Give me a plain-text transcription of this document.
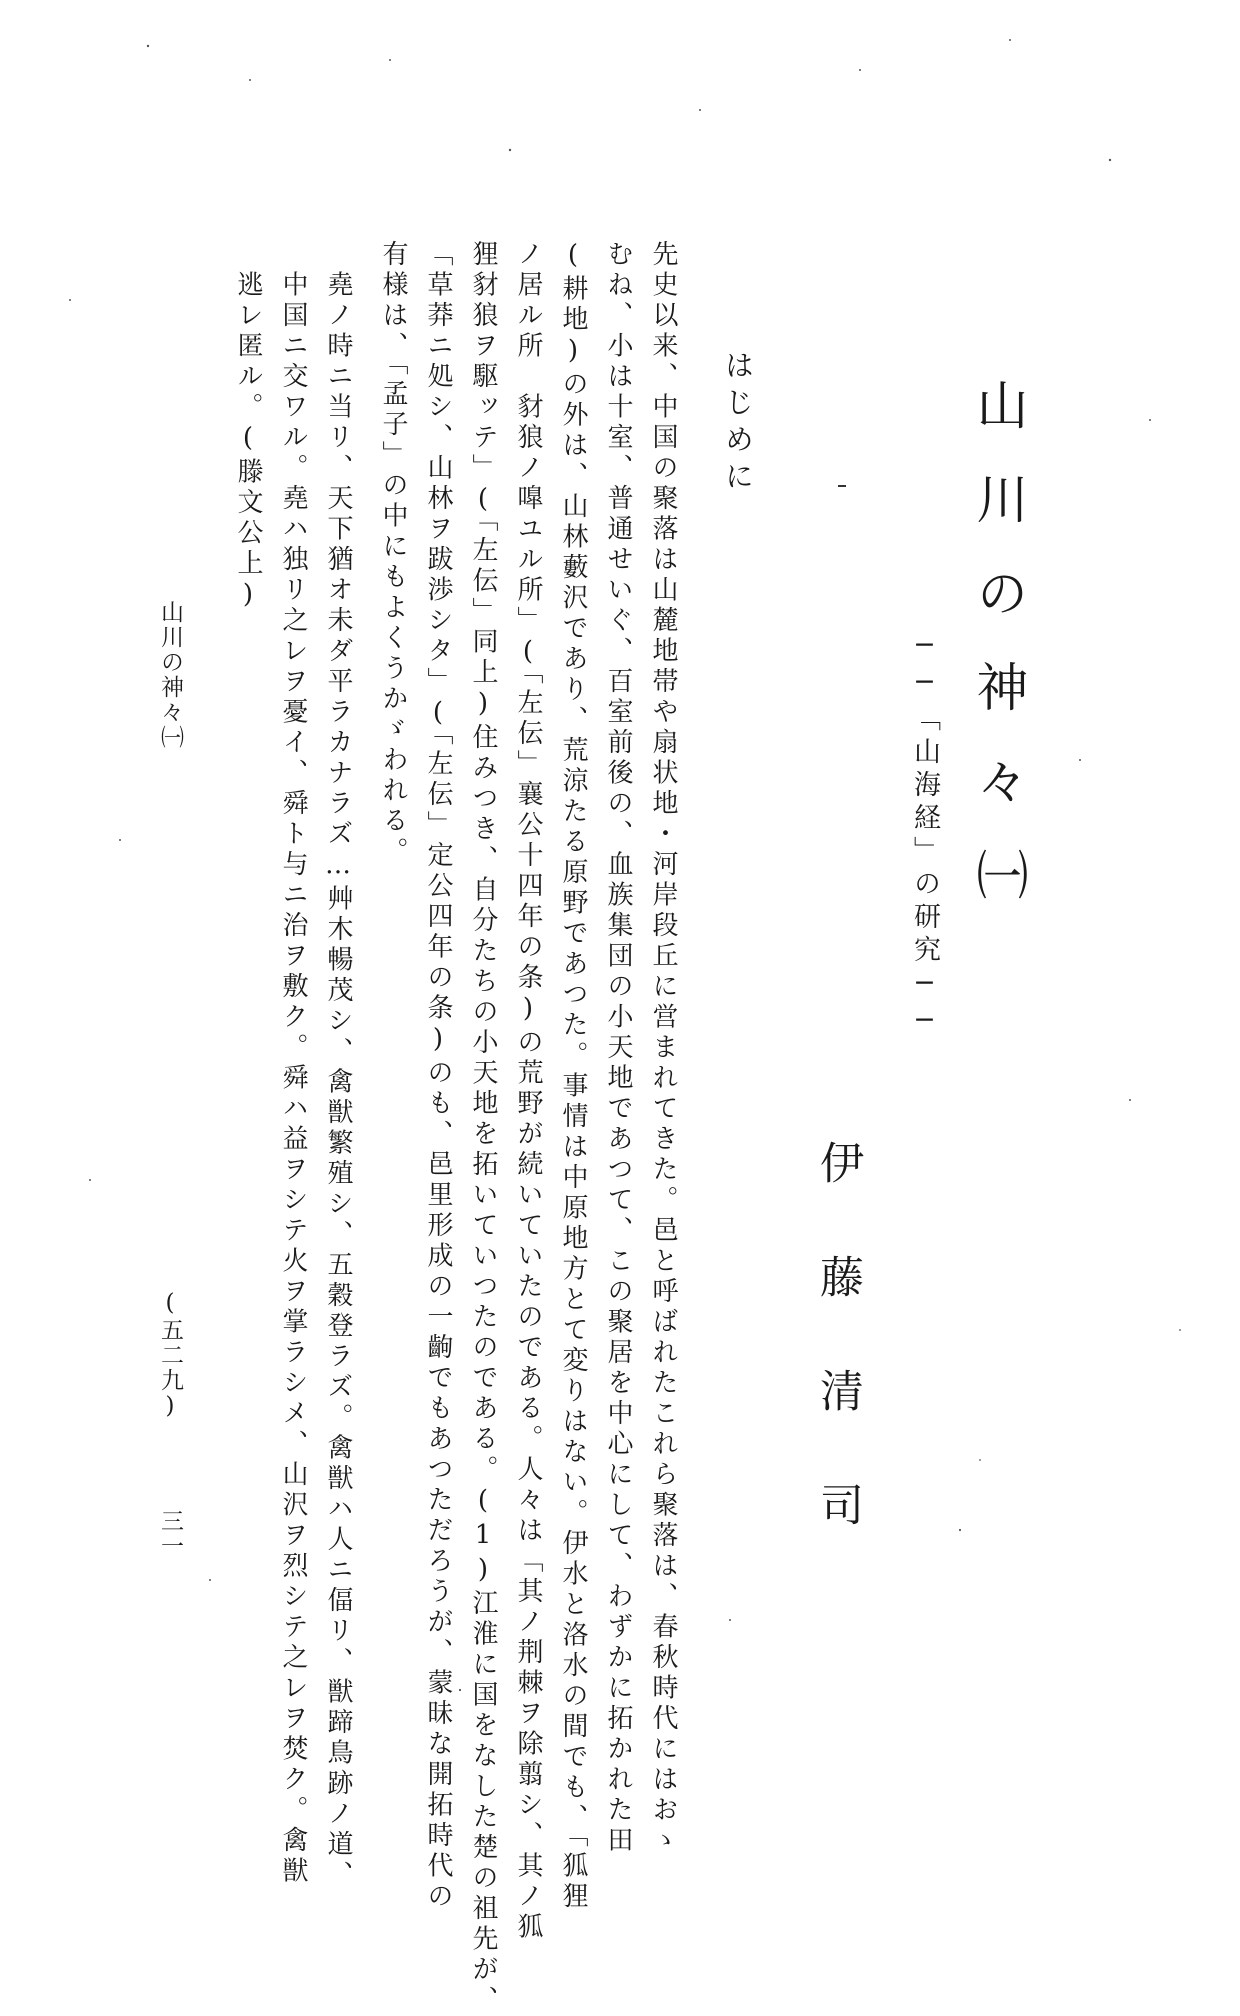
山川の神々㈠
──「山海経」の研究──
伊藤清司
はじめに

先史以来、中国の聚落は山麓地帯や扇状地・河岸段丘に営まれてきた。邑と呼ばれたこれら聚落は、春秋時代にはおゝ

むね、小は十室、普通せいぐ、百室前後の、血族集団の小天地であつて、この聚居を中心にして、わずかに拓かれた田

(耕地)の外は、山林藪沢であり、荒涼たる原野であつた。事情は中原地方とて変りはない。伊水と洛水の間でも、「狐狸

ノ居ル所　豺狼ノ嘷ユル所」(「左伝」襄公十四年の条)の荒野が続いていたのである。人々は「其ノ荆棘ヲ除翦シ、其ノ狐

狸豺狼ヲ駆ッテ」(「左伝」同上)住みつき、自分たちの小天地を拓いていつたのである。(1)江淮に国をなした楚の祖先が、

「草莽ニ処シ、山林ヲ跋渉シタ」(「左伝」定公四年の条)のも、邑里形成の一齣でもあつただろうが、蒙昧な開拓時代の

有様は、「孟子」の中にもよくうかゞわれる。

　堯ノ時ニ当リ、天下猶オ未ダ平ラカナラズ…艸木暢茂シ、禽獣繁殖シ、五穀登ラズ。禽獣ハ人ニ偪リ、獣蹄鳥跡ノ道、

　中国ニ交ワル。堯ハ独リ之レヲ憂イ、舜ト与ニ治ヲ敷ク。舜ハ益ヲシテ火ヲ掌ラシメ、山沢ヲ烈シテ之レヲ焚ク。禽獣

　逃レ匿ル。(滕文公上)

山川の神々㈠
(五二九) 三一
